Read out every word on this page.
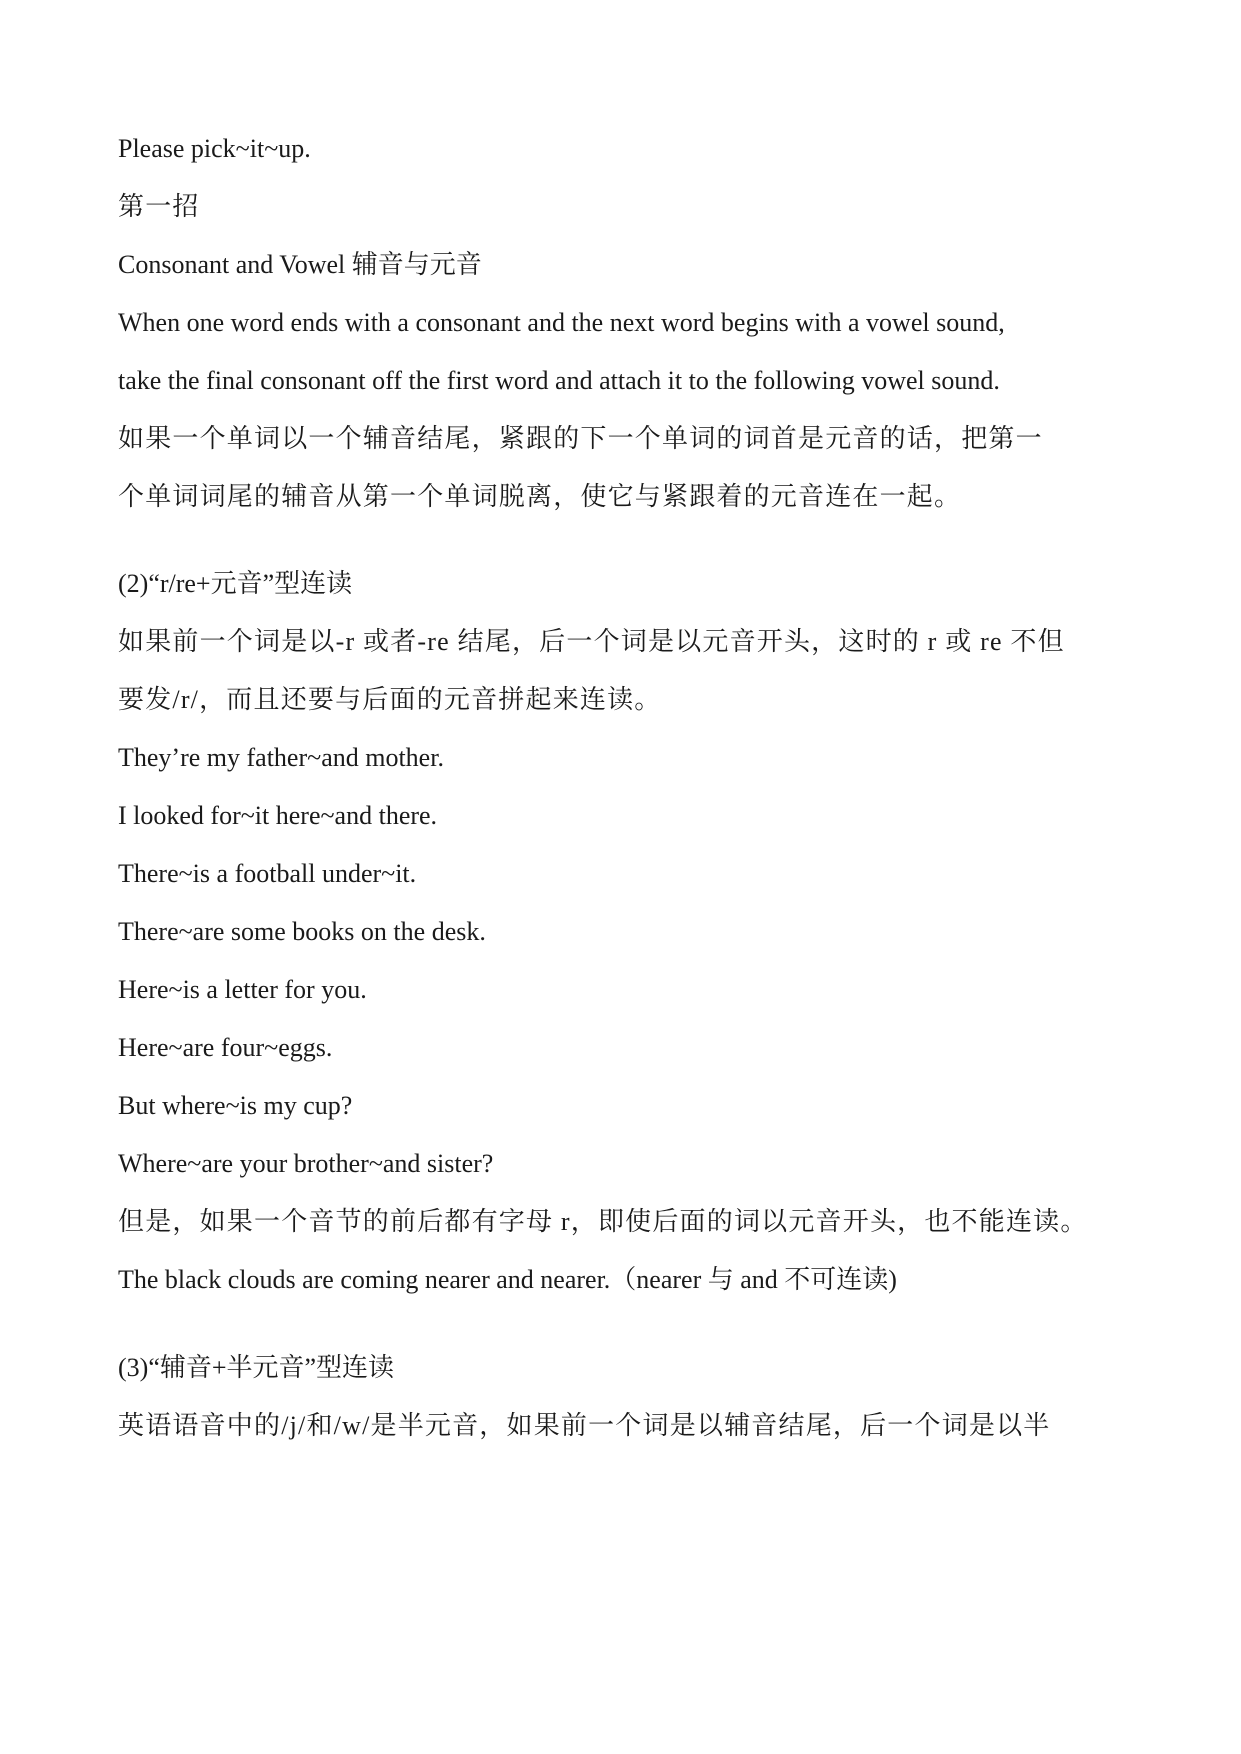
Please pick~it~up.
第一招
Consonant and Vowel 辅音与元音
When one word ends with a consonant and the next word begins with a vowel sound,
take the final consonant off the first word and attach it to the following vowel sound.
如果一个单词以一个辅音结尾，紧跟的下一个单词的词首是元音的话，把第一
个单词词尾的辅音从第一个单词脱离，使它与紧跟着的元音连在一起。
(2)“r/re+元音”型连读
如果前一个词是以-r 或者-re 结尾，后一个词是以元音开头，这时的 r 或 re 不但
要发/r/，而且还要与后面的元音拼起来连读。
They’re my father~and mother.
I looked for~it here~and there.
There~is a football under~it.
There~are some books on the desk.
Here~is a letter for you.
Here~are four~eggs.
But where~is my cup?
Where~are your brother~and sister?
但是，如果一个音节的前后都有字母 r，即使后面的词以元音开头，也不能连读。
The black clouds are coming nearer and nearer.（nearer 与 and 不可连读)
(3)“辅音+半元音”型连读
英语语音中的/j/和/w/是半元音，如果前一个词是以辅音结尾，后一个词是以半
